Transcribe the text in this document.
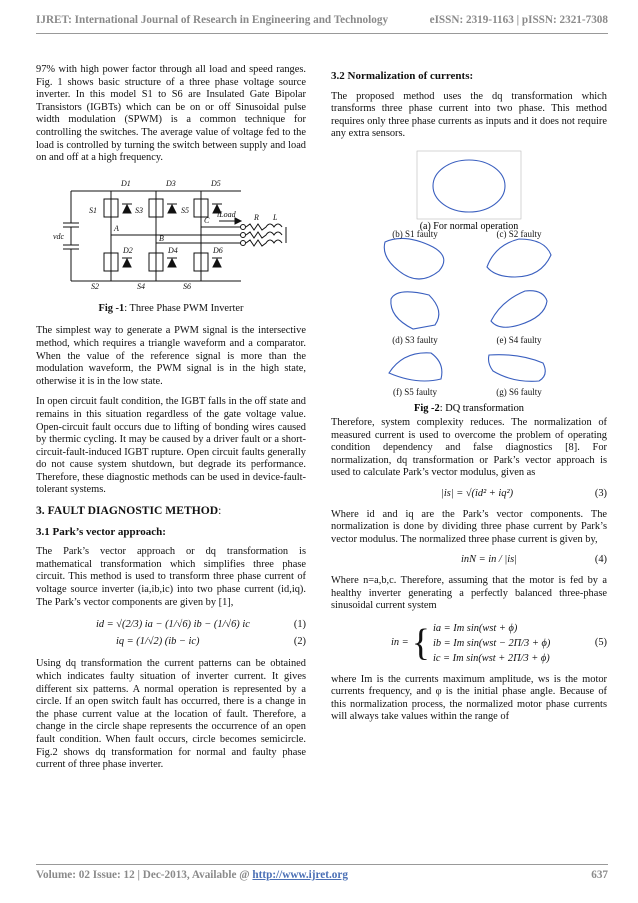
IJRET: International Journal of Research in Engineering and Technology	eISSN: 2319-1163 | pISSN: 2321-7308

97% with high power factor through all load and speed ranges. Fig. 1 shows basic structure of a three phase voltage source inverter. In this model S1 to S6 are Insulated Gate Bipolar Transistors (IGBTs) which can be on or off Sinusoidal pulse width modulation (SPWM) is a common technique for controlling the switches. The average value of voltage fed to the load is controlled by turning the switch between supply and load on and off at a high frequency.

vdc
D1	D3	D5
D2	D4	D6
S1	S3	S5
S2	S4	S6
A
B
C
iLoad R L
Fig -1: Three Phase PWM Inverter

The simplest way to generate a PWM signal is the intersective method, which requires a triangle waveform and a comparator. When the value of the reference signal is more than the modulation waveform, the PWM signal is in the high state, otherwise it is in the low state.

In open circuit fault condition, the IGBT falls in the off state and remains in this situation regardless of the gate voltage value. Open-circuit fault occurs due to lifting of bonding wires caused by thermic cycling. It may be caused by a driver fault or a short-circuit-fault-induced IGBT rupture. Open circuit faults generally do not cause system shutdown, but degrade its performance. Therefore, these diagnostic methods can be used in device-fault-tolerant systems.

3. FAULT DIAGNOSTIC METHOD:
3.1 Park’s vector approach:

The Park’s vector approach or dq transformation is mathematical transformation which simplifies three phase circuit. This method is used to transform three phase current of voltage source inverter (ia,ib,ic) into two phase current (id,iq). The Park’s vector components are given by [1],

id = √(2/3) ia − (1/√6) ib − (1/√6) ic	(1)
iq = (1/√2) (ib − ic)	(2)

Using dq transformation the current patterns can be obtained which indicates faulty situation of inverter current. It gives different six patterns. A normal operation is represented by a circle. If an open switch fault has occurred, there is a change in the phase current value at the location of fault. Therefore, a change in the circle shape represents the occurrence of an open fault condition. When fault occurs, circle becomes semicircle. Fig.2 shows dq transformation for normal and faulty phase current of three phase inverter.

3.2 Normalization of currents:

The proposed method uses the dq transformation which transforms three phase current into two phase. This method requires only three phase currents as inputs and it does not require any extra sensors.

(a) For normal operation
(b) S1 faulty	(c) S2 faulty
(d) S3 faulty	(e) S4 faulty
(f) S5 faulty	(g) S6 faulty
Fig -2: DQ transformation

Therefore, system complexity reduces. The normalization of measured current is used to overcome the problem of operating condition dependency and false diagnostics [8]. For normalization, dq transformation or Park’s vector approach is used to calculate Park’s vector modulus, given as

|is| = √(id² + iq²)	(3)

Where id and iq are the Park’s vector components. The normalization is done by dividing three phase current by Park’s vector modulus. The normalized three phase current is given by,

inN = in / |is|	(4)

Where n=a,b,c. Therefore, assuming that the motor is fed by a healthy inverter generating a perfectly balanced three-phase sinusoidal current system

in = { ia = Im sin(wst + ϕ)
ib = Im sin(wst − 2Π/3 + ϕ)
ic = Im sin(wst + 2Π/3 + ϕ)
(5)

where Im is the currents maximum amplitude, ws is the motor currents frequency, and φ is the initial phase angle. Because of this normalization process, the normalized motor phase currents will always take values within the range of

Volume: 02 Issue: 12 | Dec-2013, Available @ http://www.ijret.org	637
